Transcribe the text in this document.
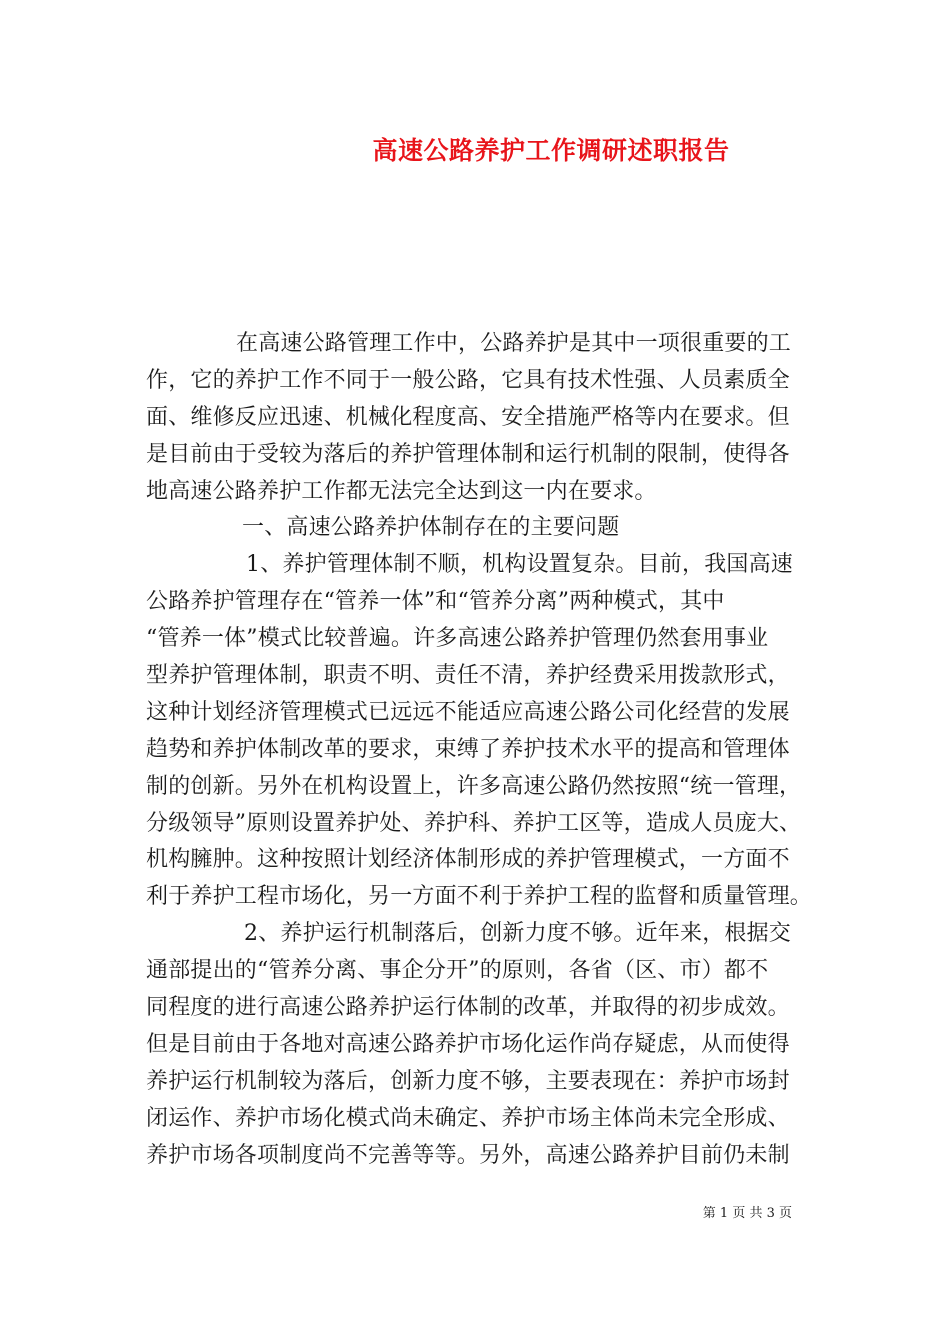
高速公路养护工作调研述职报告
在高速公路管理工作中，公路养护是其中一项很重要的工
作，它的养护工作不同于一般公路，它具有技术性强、人员素质全
面、维修反应迅速、机械化程度高、安全措施严格等内在要求。但
是目前由于受较为落后的养护管理体制和运行机制的限制，使得各
地高速公路养护工作都无法完全达到这一内在要求。
一、高速公路养护体制存在的主要问题
1、养护管理体制不顺，机构设置复杂。目前，我国高速
公路养护管理存在“管养一体”和“管养分离”两种模式，其中
“管养一体”模式比较普遍。许多高速公路养护管理仍然套用事业
型养护管理体制，职责不明、责任不清，养护经费采用拨款形式，
这种计划经济管理模式已远远不能适应高速公路公司化经营的发展
趋势和养护体制改革的要求，束缚了养护技术水平的提高和管理体
制的创新。另外在机构设置上，许多高速公路仍然按照“统一管理，
分级领导”原则设置养护处、养护科、养护工区等，造成人员庞大、
机构臃肿。这种按照计划经济体制形成的养护管理模式，一方面不
利于养护工程市场化，另一方面不利于养护工程的监督和质量管理。
2、养护运行机制落后，创新力度不够。近年来，根据交
通部提出的“管养分离、事企分开”的原则，各省（区、市）都不
同程度的进行高速公路养护运行体制的改革，并取得的初步成效。
但是目前由于各地对高速公路养护市场化运作尚存疑虑，从而使得
养护运行机制较为落后，创新力度不够，主要表现在：养护市场封
闭运作、养护市场化模式尚未确定、养护市场主体尚未完全形成、
养护市场各项制度尚不完善等等。另外，高速公路养护目前仍未制
第 1 页 共 3 页
